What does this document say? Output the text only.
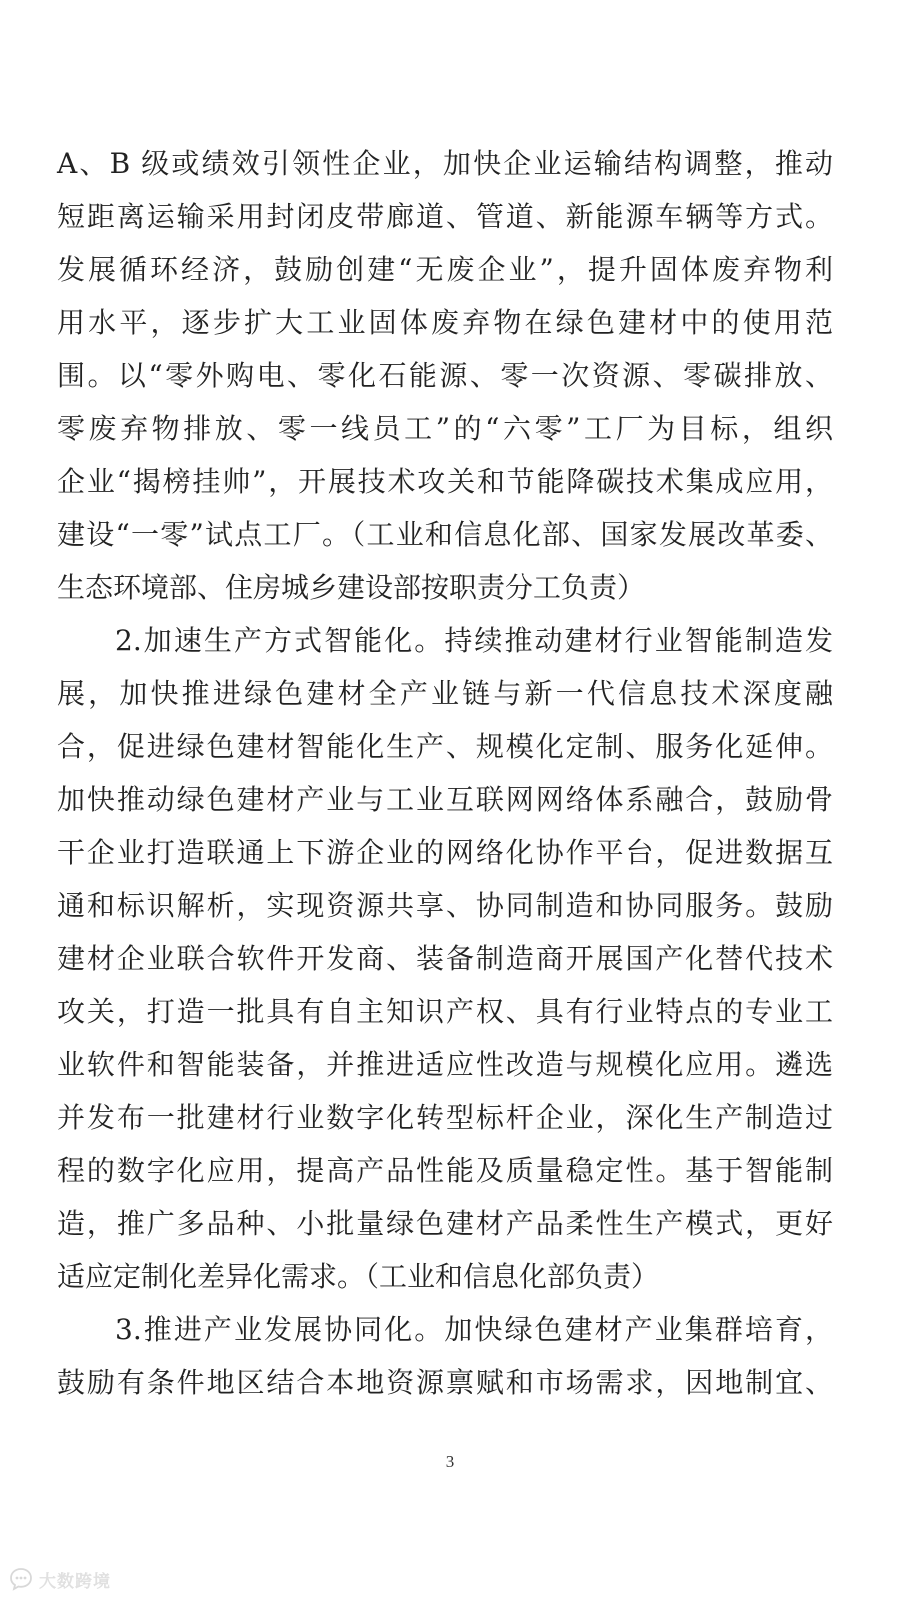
A、B 级或绩效引领性企业，加快企业运输结构调整，推动
短距离运输采用封闭皮带廊道、管道、新能源车辆等方式。
发展循环经济，鼓励创建“无废企业”，提升固体废弃物利
用水平，逐步扩大工业固体废弃物在绿色建材中的使用范
围。以“零外购电、零化石能源、零一次资源、零碳排放、
零废弃物排放、零一线员工”的“六零”工厂为目标，组织
企业“揭榜挂帅”，开展技术攻关和节能降碳技术集成应用，
建设“一零”试点工厂。（工业和信息化部、国家发展改革委、
生态环境部、住房城乡建设部按职责分工负责）
2.加速生产方式智能化。持续推动建材行业智能制造发
展，加快推进绿色建材全产业链与新一代信息技术深度融
合，促进绿色建材智能化生产、规模化定制、服务化延伸。
加快推动绿色建材产业与工业互联网网络体系融合，鼓励骨
干企业打造联通上下游企业的网络化协作平台，促进数据互
通和标识解析，实现资源共享、协同制造和协同服务。鼓励
建材企业联合软件开发商、装备制造商开展国产化替代技术
攻关，打造一批具有自主知识产权、具有行业特点的专业工
业软件和智能装备，并推进适应性改造与规模化应用。遴选
并发布一批建材行业数字化转型标杆企业，深化生产制造过
程的数字化应用，提高产品性能及质量稳定性。基于智能制
造，推广多品种、小批量绿色建材产品柔性生产模式，更好
适应定制化差异化需求。（工业和信息化部负责）
3.推进产业发展协同化。加快绿色建材产业集群培育，
鼓励有条件地区结合本地资源禀赋和市场需求，因地制宜、
3
大数跨境
